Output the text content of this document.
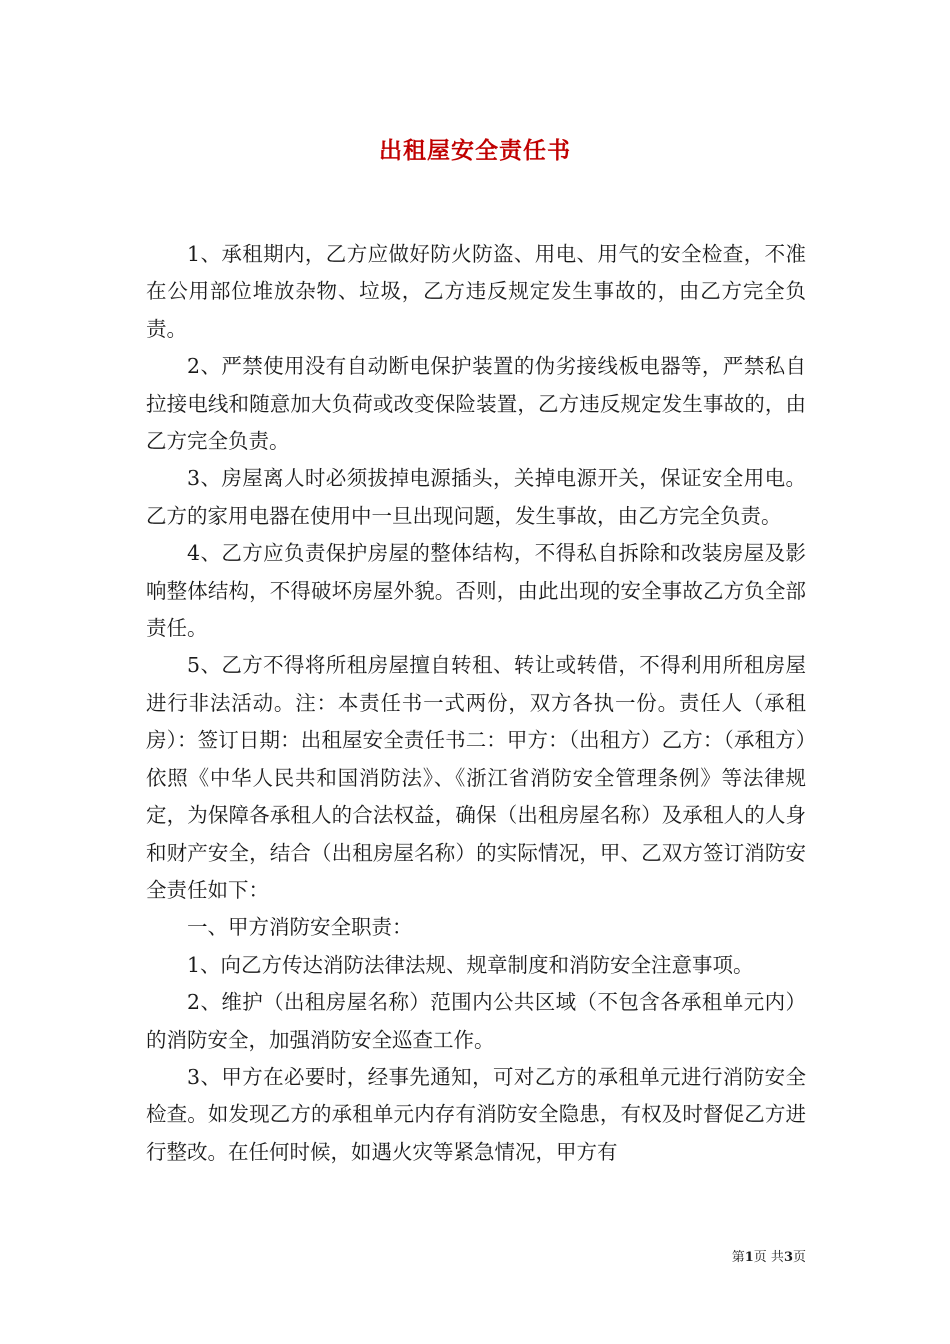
出租屋安全责任书

1、承租期内，乙方应做好防火防盗、用电、用气的安全检查，不准在公用部位堆放杂物、垃圾，乙方违反规定发生事故的，由乙方完全负责。

2、严禁使用没有自动断电保护装置的伪劣接线板电器等，严禁私自拉接电线和随意加大负荷或改变保险装置，乙方违反规定发生事故的，由乙方完全负责。

3、房屋离人时必须拔掉电源插头，关掉电源开关，保证安全用电。乙方的家用电器在使用中一旦出现问题，发生事故，由乙方完全负责。

4、乙方应负责保护房屋的整体结构，不得私自拆除和改装房屋及影响整体结构，不得破坏房屋外貌。否则，由此出现的安全事故乙方负全部责任。

5、乙方不得将所租房屋擅自转租、转让或转借，不得利用所租房屋进行非法活动。注：本责任书一式两份，双方各执一份。责任人（承租房）：签订日期：出租屋安全责任书二：甲方：（出租方）乙方：（承租方）依照《中华人民共和国消防法》、《浙江省消防安全管理条例》等法律规定，为保障各承租人的合法权益，确保（出租房屋名称）及承租人的人身和财产安全，结合（出租房屋名称）的实际情况，甲、乙双方签订消防安全责任如下：

一、甲方消防安全职责：

1、向乙方传达消防法律法规、规章制度和消防安全注意事项。

2、维护（出租房屋名称）范围内公共区域（不包含各承租单元内）的消防安全，加强消防安全巡查工作。

3、甲方在必要时，经事先通知，可对乙方的承租单元进行消防安全检查。如发现乙方的承租单元内存有消防安全隐患，有权及时督促乙方进行整改。在任何时候，如遇火灾等紧急情况，甲方有

第1页 共3页
